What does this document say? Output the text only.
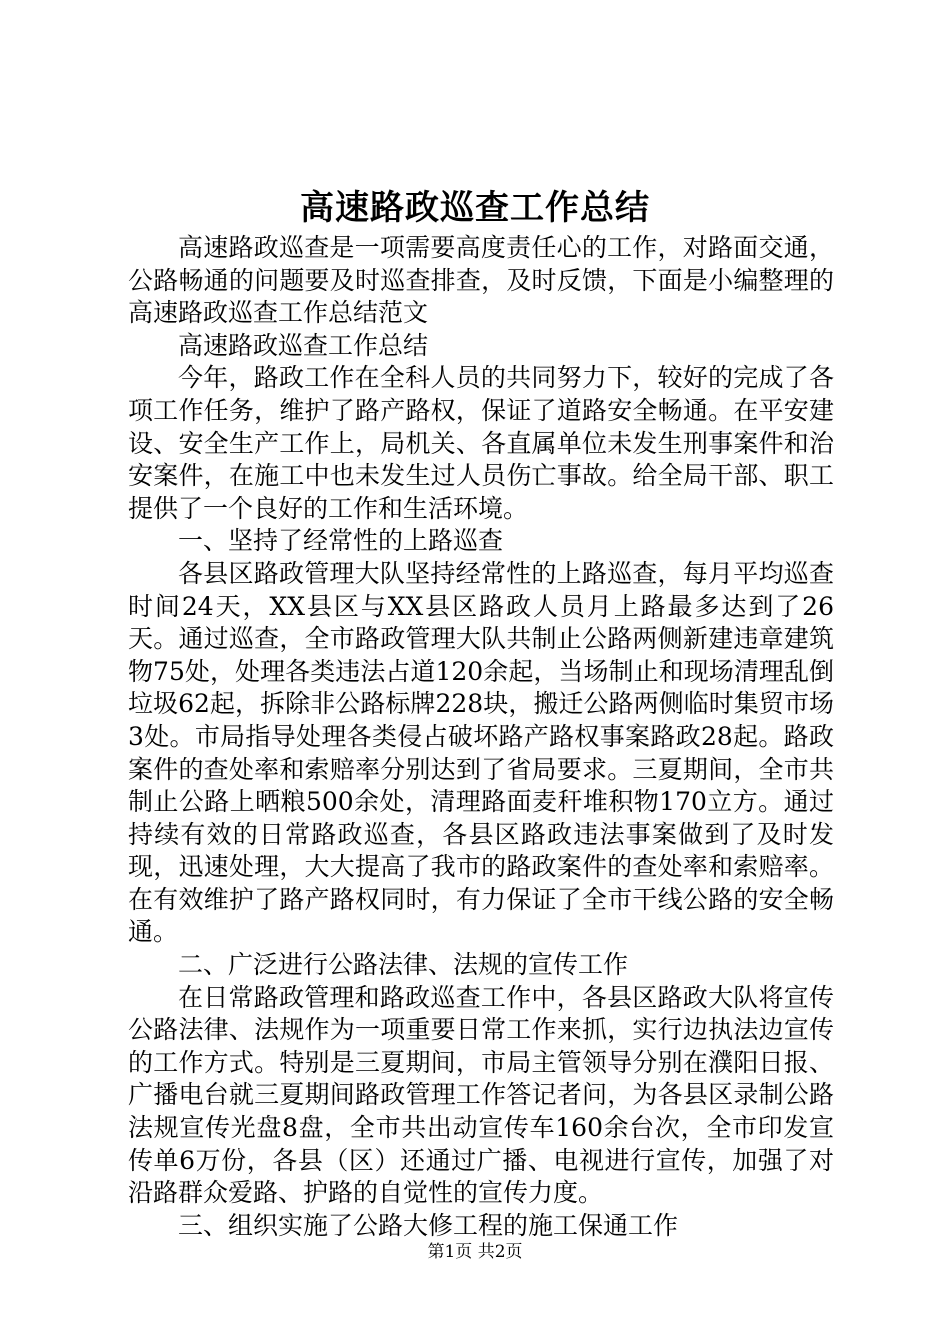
高速路政巡查工作总结

高速路政巡查是一项需要高度责任心的工作，对路面交通，公路畅通的问题要及时巡查排查，及时反馈，下面是小编整理的高速路政巡查工作总结范文

高速路政巡查工作总结

今年，路政工作在全科人员的共同努力下，较好的完成了各项工作任务，维护了路产路权，保证了道路安全畅通。在平安建设、安全生产工作上，局机关、各直属单位未发生刑事案件和治安案件，在施工中也未发生过人员伤亡事故。给全局干部、职工提供了一个良好的工作和生活环境。

一、坚持了经常性的上路巡查

各县区路政管理大队坚持经常性的上路巡查，每月平均巡查时间24天，XX县区与XX县区路政人员月上路最多达到了26天。通过巡查，全市路政管理大队共制止公路两侧新建违章建筑物75处，处理各类违法占道120余起，当场制止和现场清理乱倒垃圾62起，拆除非公路标牌228块，搬迁公路两侧临时集贸市场3处。市局指导处理各类侵占破坏路产路权事案路政28起。路政案件的查处率和索赔率分别达到了省局要求。三夏期间，全市共制止公路上晒粮500余处，清理路面麦秆堆积物170立方。通过持续有效的日常路政巡查，各县区路政违法事案做到了及时发现，迅速处理，大大提高了我市的路政案件的查处率和索赔率。在有效维护了路产路权同时，有力保证了全市干线公路的安全畅通。

二、广泛进行公路法律、法规的宣传工作

在日常路政管理和路政巡查工作中，各县区路政大队将宣传公路法律、法规作为一项重要日常工作来抓，实行边执法边宣传的工作方式。特别是三夏期间，市局主管领导分别在濮阳日报、广播电台就三夏期间路政管理工作答记者问，为各县区录制公路法规宣传光盘8盘，全市共出动宣传车160余台次，全市印发宣传单6万份，各县（区）还通过广播、电视进行宣传，加强了对沿路群众爱路、护路的自觉性的宣传力度。

三、组织实施了公路大修工程的施工保通工作

第1页 共2页
